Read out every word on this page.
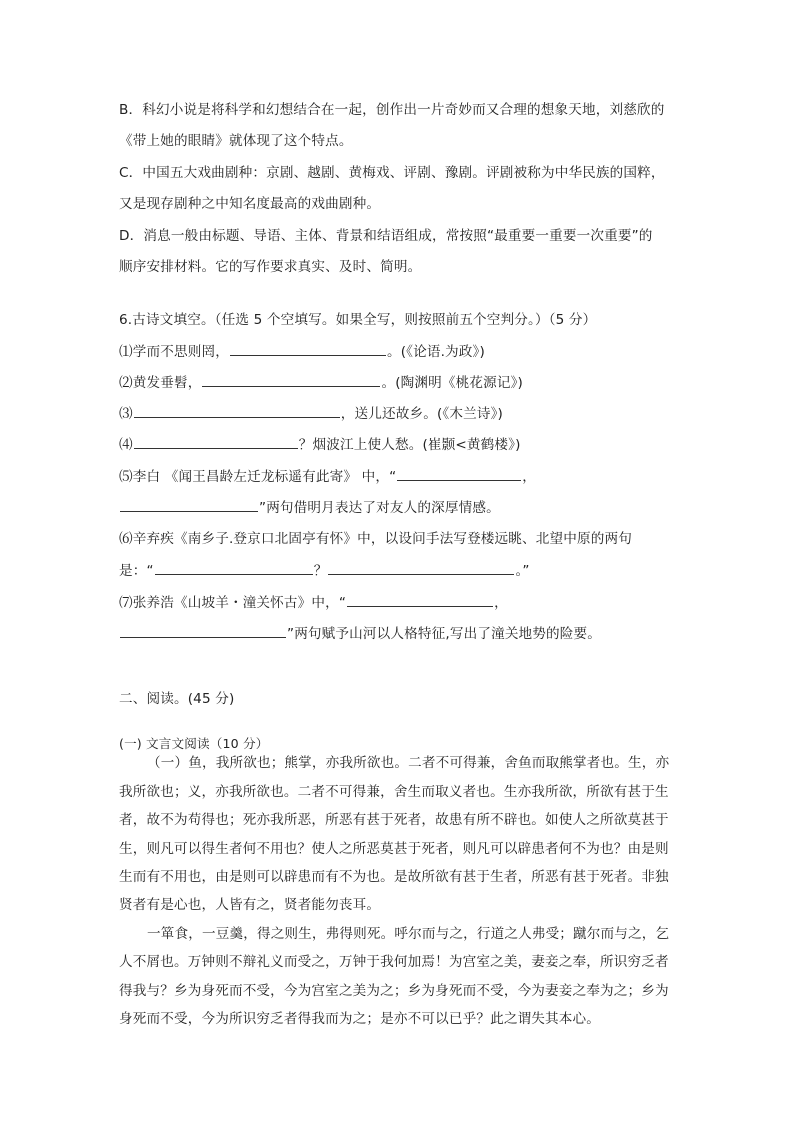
B．科幻小说是将科学和幻想结合在一起，创作出一片奇妙而又合理的想象天地，刘慈欣的
《带上她的眼睛》就体现了这个特点。
C．中国五大戏曲剧种：京剧、越剧、黄梅戏、评剧、豫剧。评剧被称为中华民族的国粹，
又是现存剧种之中知名度最高的戏曲剧种。
D．消息一般由标题、导语、主体、背景和结语组成，常按照“最重要一重要一次重要”的
顺序安排材料。它的写作要求真实、及时、简明。
6.古诗文填空。（任选 5 个空填写。如果全写，则按照前五个空判分。）（5 分）
⑴学而不思则罔，	。(《论语.为政》)
⑵黄发垂髫，	。(陶渊明《桃花源记》)
⑶	，送儿还故乡。(《木兰诗》)
⑷	？烟波江上使人愁。(崔颢<黄鹤楼》)
⑸李白 《闻王昌龄左迁龙标遥有此寄》 中，“	，
”两句借明月表达了对友人的深厚情感。
⑹辛弃疾《南乡子.登京口北固亭有怀》中，以设问手法写登楼远眺、北望中原的两句
是：“	？	。”
⑺张养浩《山坡羊・潼关怀古》中，“	，
”两句赋予山河以人格特征,写出了潼关地势的险要。
二、阅读。(45 分)
(一) 文言文阅读（10 分）
（一）鱼，我所欲也；熊掌，亦我所欲也。二者不可得兼，舍鱼而取熊掌者也。生，亦
我所欲也；义，亦我所欲也。二者不可得兼，舍生而取义者也。生亦我所欲，所欲有甚于生
者，故不为苟得也；死亦我所恶，所恶有甚于死者，故患有所不辟也。如使人之所欲莫甚于
生，则凡可以得生者何不用也？使人之所恶莫甚于死者，则凡可以辟患者何不为也？由是则
生而有不用也，由是则可以辟患而有不为也。是故所欲有甚于生者，所恶有甚于死者。非独
贤者有是心也，人皆有之，贤者能勿丧耳。
一箪食，一豆羹，得之则生，弗得则死。呼尔而与之，行道之人弗受；蹴尔而与之，乞
人不屑也。万钟则不辩礼义而受之，万钟于我何加焉！为宫室之美，妻妾之奉，所识穷乏者
得我与？乡为身死而不受，今为宫室之美为之；乡为身死而不受，今为妻妾之奉为之；乡为
身死而不受，今为所识穷乏者得我而为之；是亦不可以已乎？此之谓失其本心。
